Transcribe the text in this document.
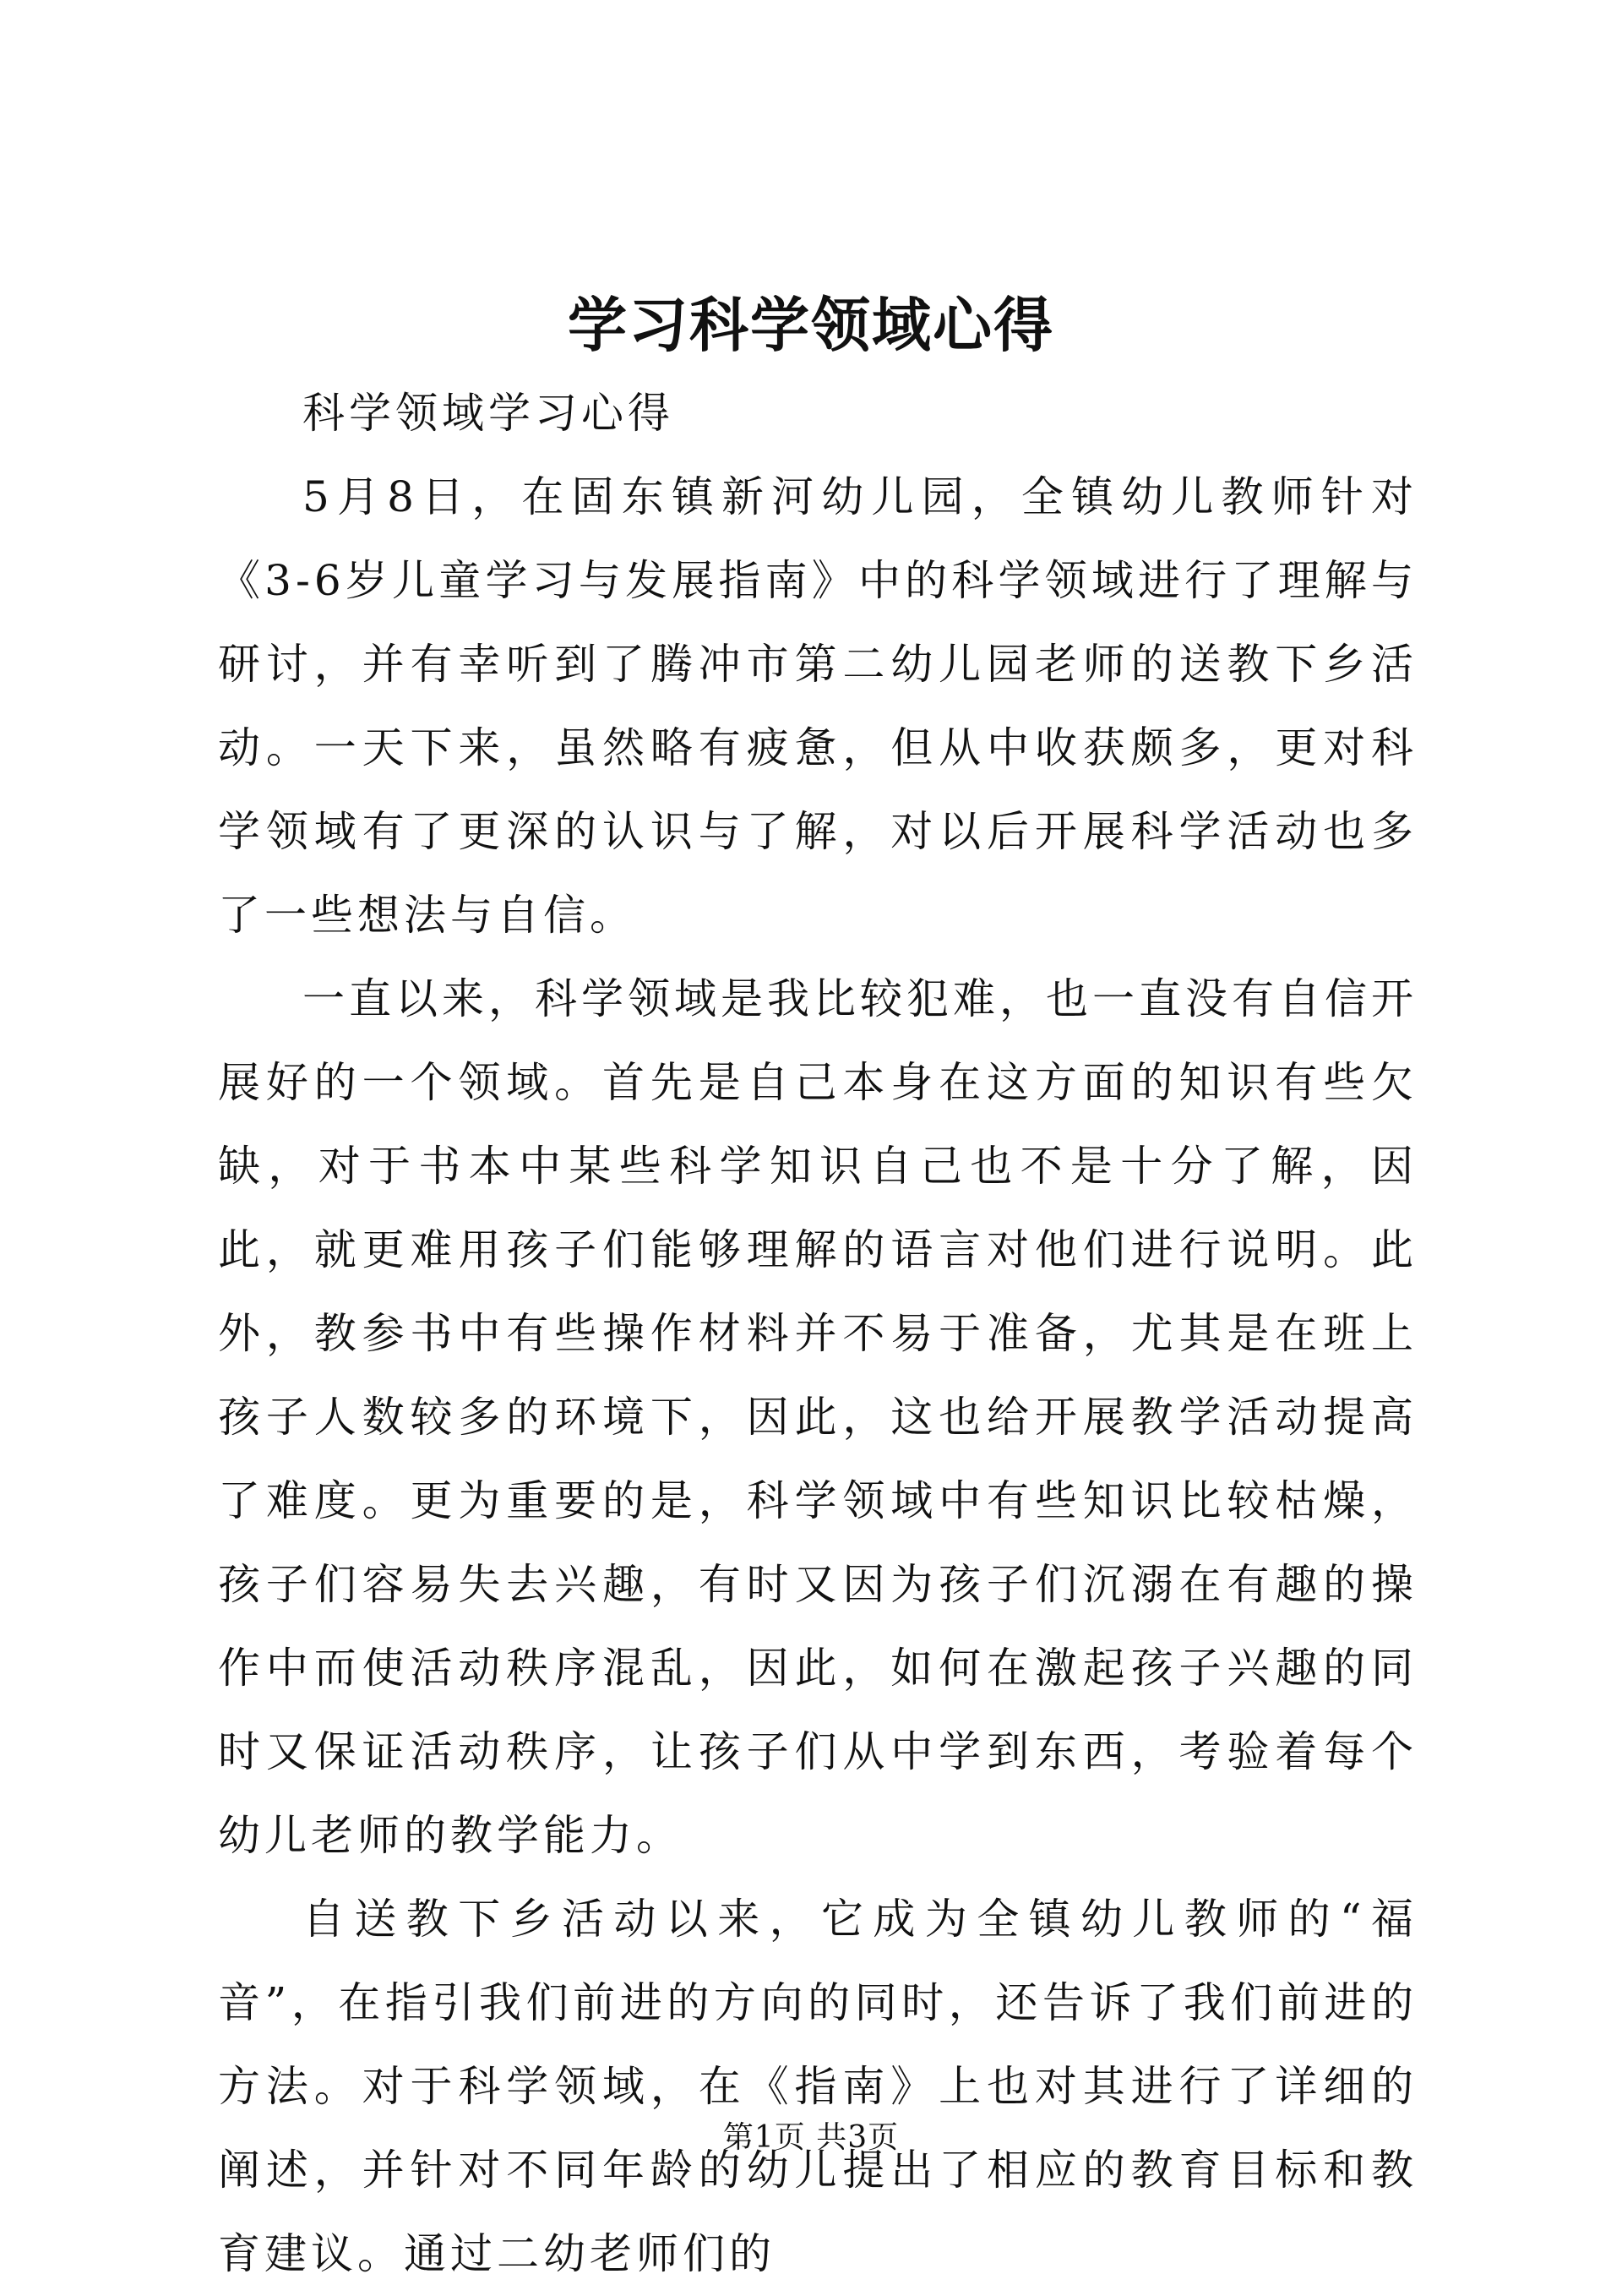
学习科学领域心得

科学领域学习心得

5月8日，在固东镇新河幼儿园，全镇幼儿教师针对《3-6岁儿童学习与发展指南》中的科学领域进行了理解与研讨，并有幸听到了腾冲市第二幼儿园老师的送教下乡活动。一天下来，虽然略有疲惫，但从中收获颇多，更对科学领域有了更深的认识与了解，对以后开展科学活动也多了一些想法与自信。

一直以来，科学领域是我比较犯难，也一直没有自信开展好的一个领域。首先是自己本身在这方面的知识有些欠缺，对于书本中某些科学知识自己也不是十分了解，因此，就更难用孩子们能够理解的语言对他们进行说明。此外，教参书中有些操作材料并不易于准备，尤其是在班上孩子人数较多的环境下，因此，这也给开展教学活动提高了难度。更为重要的是，科学领域中有些知识比较枯燥，孩子们容易失去兴趣，有时又因为孩子们沉溺在有趣的操作中而使活动秩序混乱，因此，如何在激起孩子兴趣的同时又保证活动秩序，让孩子们从中学到东西，考验着每个幼儿老师的教学能力。

自送教下乡活动以来，它成为全镇幼儿教师的“福音”，在指引我们前进的方向的同时，还告诉了我们前进的方法。对于科学领域，在《指南》上也对其进行了详细的阐述，并针对不同年龄的幼儿提出了相应的教育目标和教育建议。通过二幼老师们的

第1页 共3页
